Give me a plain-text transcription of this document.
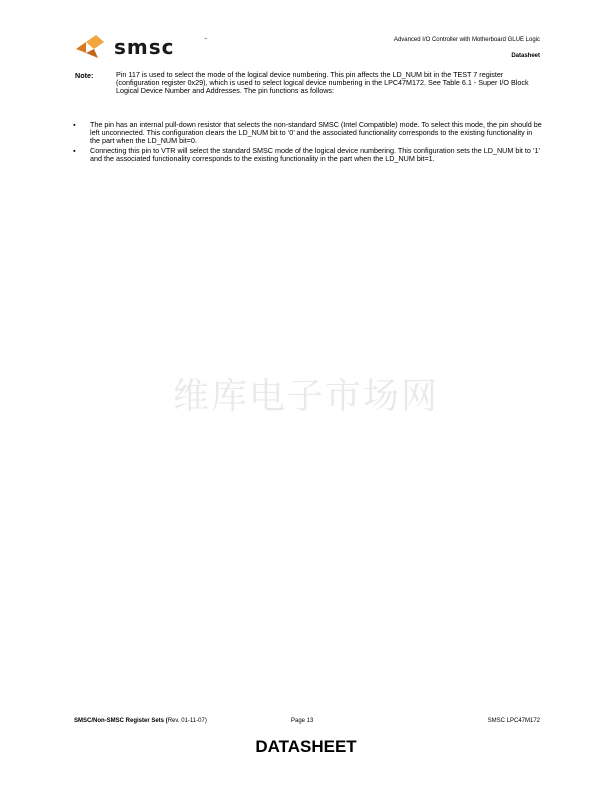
smsc	™	Advanced I/O Controller with Motherboard GLUE Logic
Datasheet
Note:	Pin 117 is used to select the mode of the logical device numbering. This pin affects the LD_NUM bit in the TEST 7 register (configuration register 0x29), which is used to select logical device numbering in the LPC47M172. See Table 6.1 - Super I/O Block Logical Device Number and Addresses. The pin functions as follows:
▪ The pin has an internal pull-down resistor that selects the non-standard SMSC (Intel Compatible) mode. To select this mode, the pin should be left unconnected. This configuration clears the LD_NUM bit to ‘0’ and the associated functionality corresponds to the existing functionality in the part when the LD_NUM bit=0.
▪ Connecting this pin to VTR will select the standard SMSC mode of the logical device numbering. This configuration sets the LD_NUM bit to ‘1’ and the associated functionality corresponds to the existing functionality in the part when the LD_NUM bit=1.
维库电子市场网
SMSC/Non-SMSC Register Sets (Rev. 01-11-07)	Page 13	SMSC LPC47M172
DATASHEET
